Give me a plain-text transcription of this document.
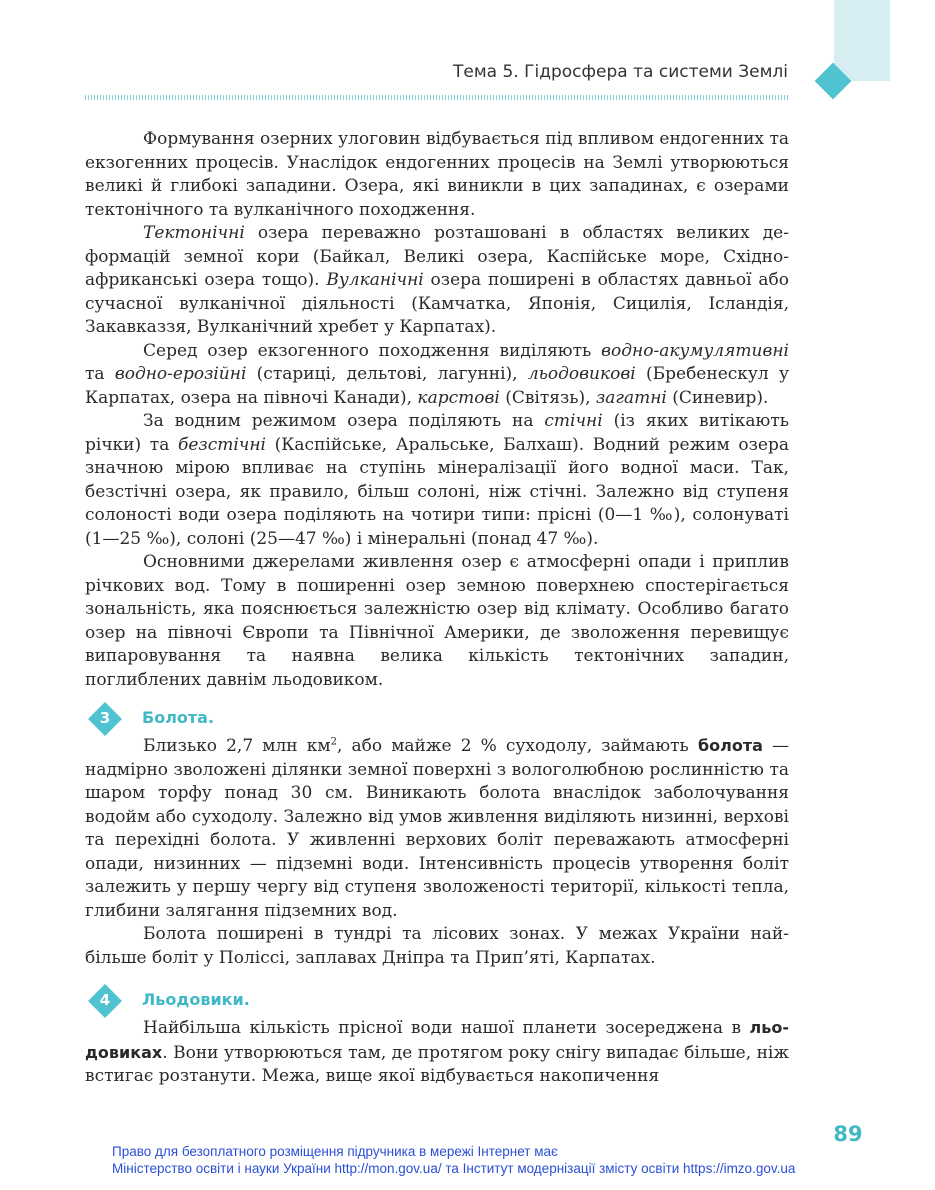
Тема 5. Гідросфера та системи Землі

Формування озерних улоговин відбувається під впливом ендогенних та екзогенних процесів. Унаслідок ендогенних процесів на Землі утворюються великі й глибокі западини. Озера, які виникли в цих западинах, є озерами тектонічного та вулканічного походження.

Тектонічні озера переважно розташовані в областях великих деформацій земної кори (Байкал, Великі озера, Каспійське море, Східноафриканські озера тощо). Вулканічні озера поширені в областях давньої або сучасної вулканічної діяльності (Камчатка, Японія, Сицилія, Ісландія, Закавказзя, Вулканічний хребет у Карпатах).

Серед озер екзогенного походження виділяють водно-акумулятивні та водно-ерозійні (стариці, дельтові, лагунні), льодовикові (Бребенескул у Карпатах, озера на півночі Канади), карстові (Світязь), загатні (Синевир).

За водним режимом озера поділяють на стічні (із яких витікають річки) та безстічні (Каспійське, Аральське, Балхаш). Водний режим озера значною мірою впливає на ступінь мінералізації його водної маси. Так, безстічні озера, як правило, більш солоні, ніж стічні. Залежно від ступеня солоності води озера поділяють на чотири типи: прісні (0—1 ‰), солонуваті (1—25 ‰), солоні (25—47 ‰) і мінеральні (понад 47 ‰).

Основними джерелами живлення озер є атмосферні опади і приплив річкових вод. Тому в поширенні озер земною поверхнею спостерігається зональність, яка пояснюється залежністю озер від клімату. Особливо багато озер на півночі Європи та Північної Америки, де зволоження перевищує випаровування та наявна велика кількість тектонічних западин, поглиблених давнім льодовиком.

3	Болота.

Близько 2,7 млн $км^2$, або майже 2 % суходолу, займають болота — надмірно зволожені ділянки земної поверхні з вологолюбною рослинністю та шаром торфу понад 30 см. Виникають болота внаслідок заболочування водойм або суходолу. Залежно від умов живлення виділяють низинні, верхові та перехідні болота. У живленні верхових боліт переважають атмосферні опади, низинних — підземні води. Інтенсивність процесів утворення боліт залежить у першу чергу від ступеня зволоженості території, кількості тепла, глибини залягання підземних вод.

Болота поширені в тундрі та лісових зонах. У межах України найбільше боліт у Поліссі, заплавах Дніпра та Прип’яті, Карпатах.

4	Льодовики.

Найбільша кількість прісної води нашої планети зосереджена в льодовиках. Вони утворюються там, де протягом року снігу випадає більше, ніж встигає розтанути. Межа, вище якої відбувається накопичення

89
Право для безоплатного розміщення підручника в мережі Інтернет має
Міністерство освіти і науки України http://mon.gov.ua/ та Інститут модернізації змісту освіти https://imzo.gov.ua
